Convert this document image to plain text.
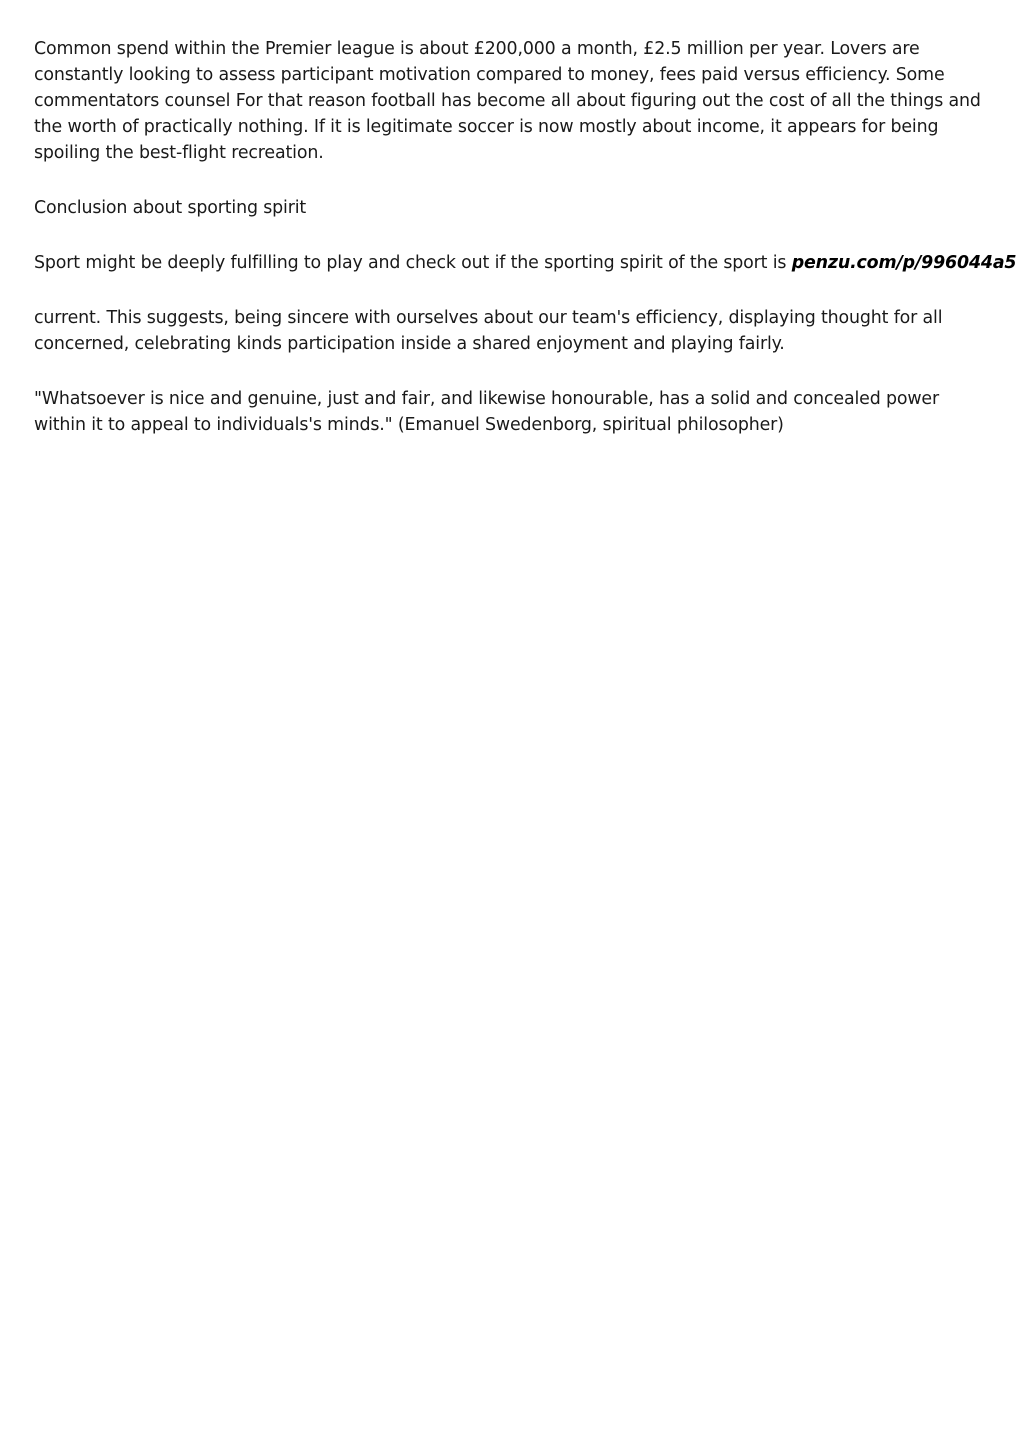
Common spend within the Premier league is about £200,000 a month, £2.5 million per year. Lovers are constantly looking to assess participant motivation compared to money, fees paid versus efficiency. Some commentators counsel For that reason football has become all about figuring out the cost of all the things and the worth of practically nothing. If it is legitimate soccer is now mostly about income, it appears for being spoiling the best-flight recreation.

Conclusion about sporting spirit

Sport might be deeply fulfilling to play and check out if the sporting spirit of the sport is penzu.com/p/996044a5

current. This suggests, being sincere with ourselves about our team's efficiency, displaying thought for all concerned, celebrating kinds participation inside a shared enjoyment and playing fairly.

"Whatsoever is nice and genuine, just and fair, and likewise honourable, has a solid and concealed power within it to appeal to individuals's minds." (Emanuel Swedenborg, spiritual philosopher)
